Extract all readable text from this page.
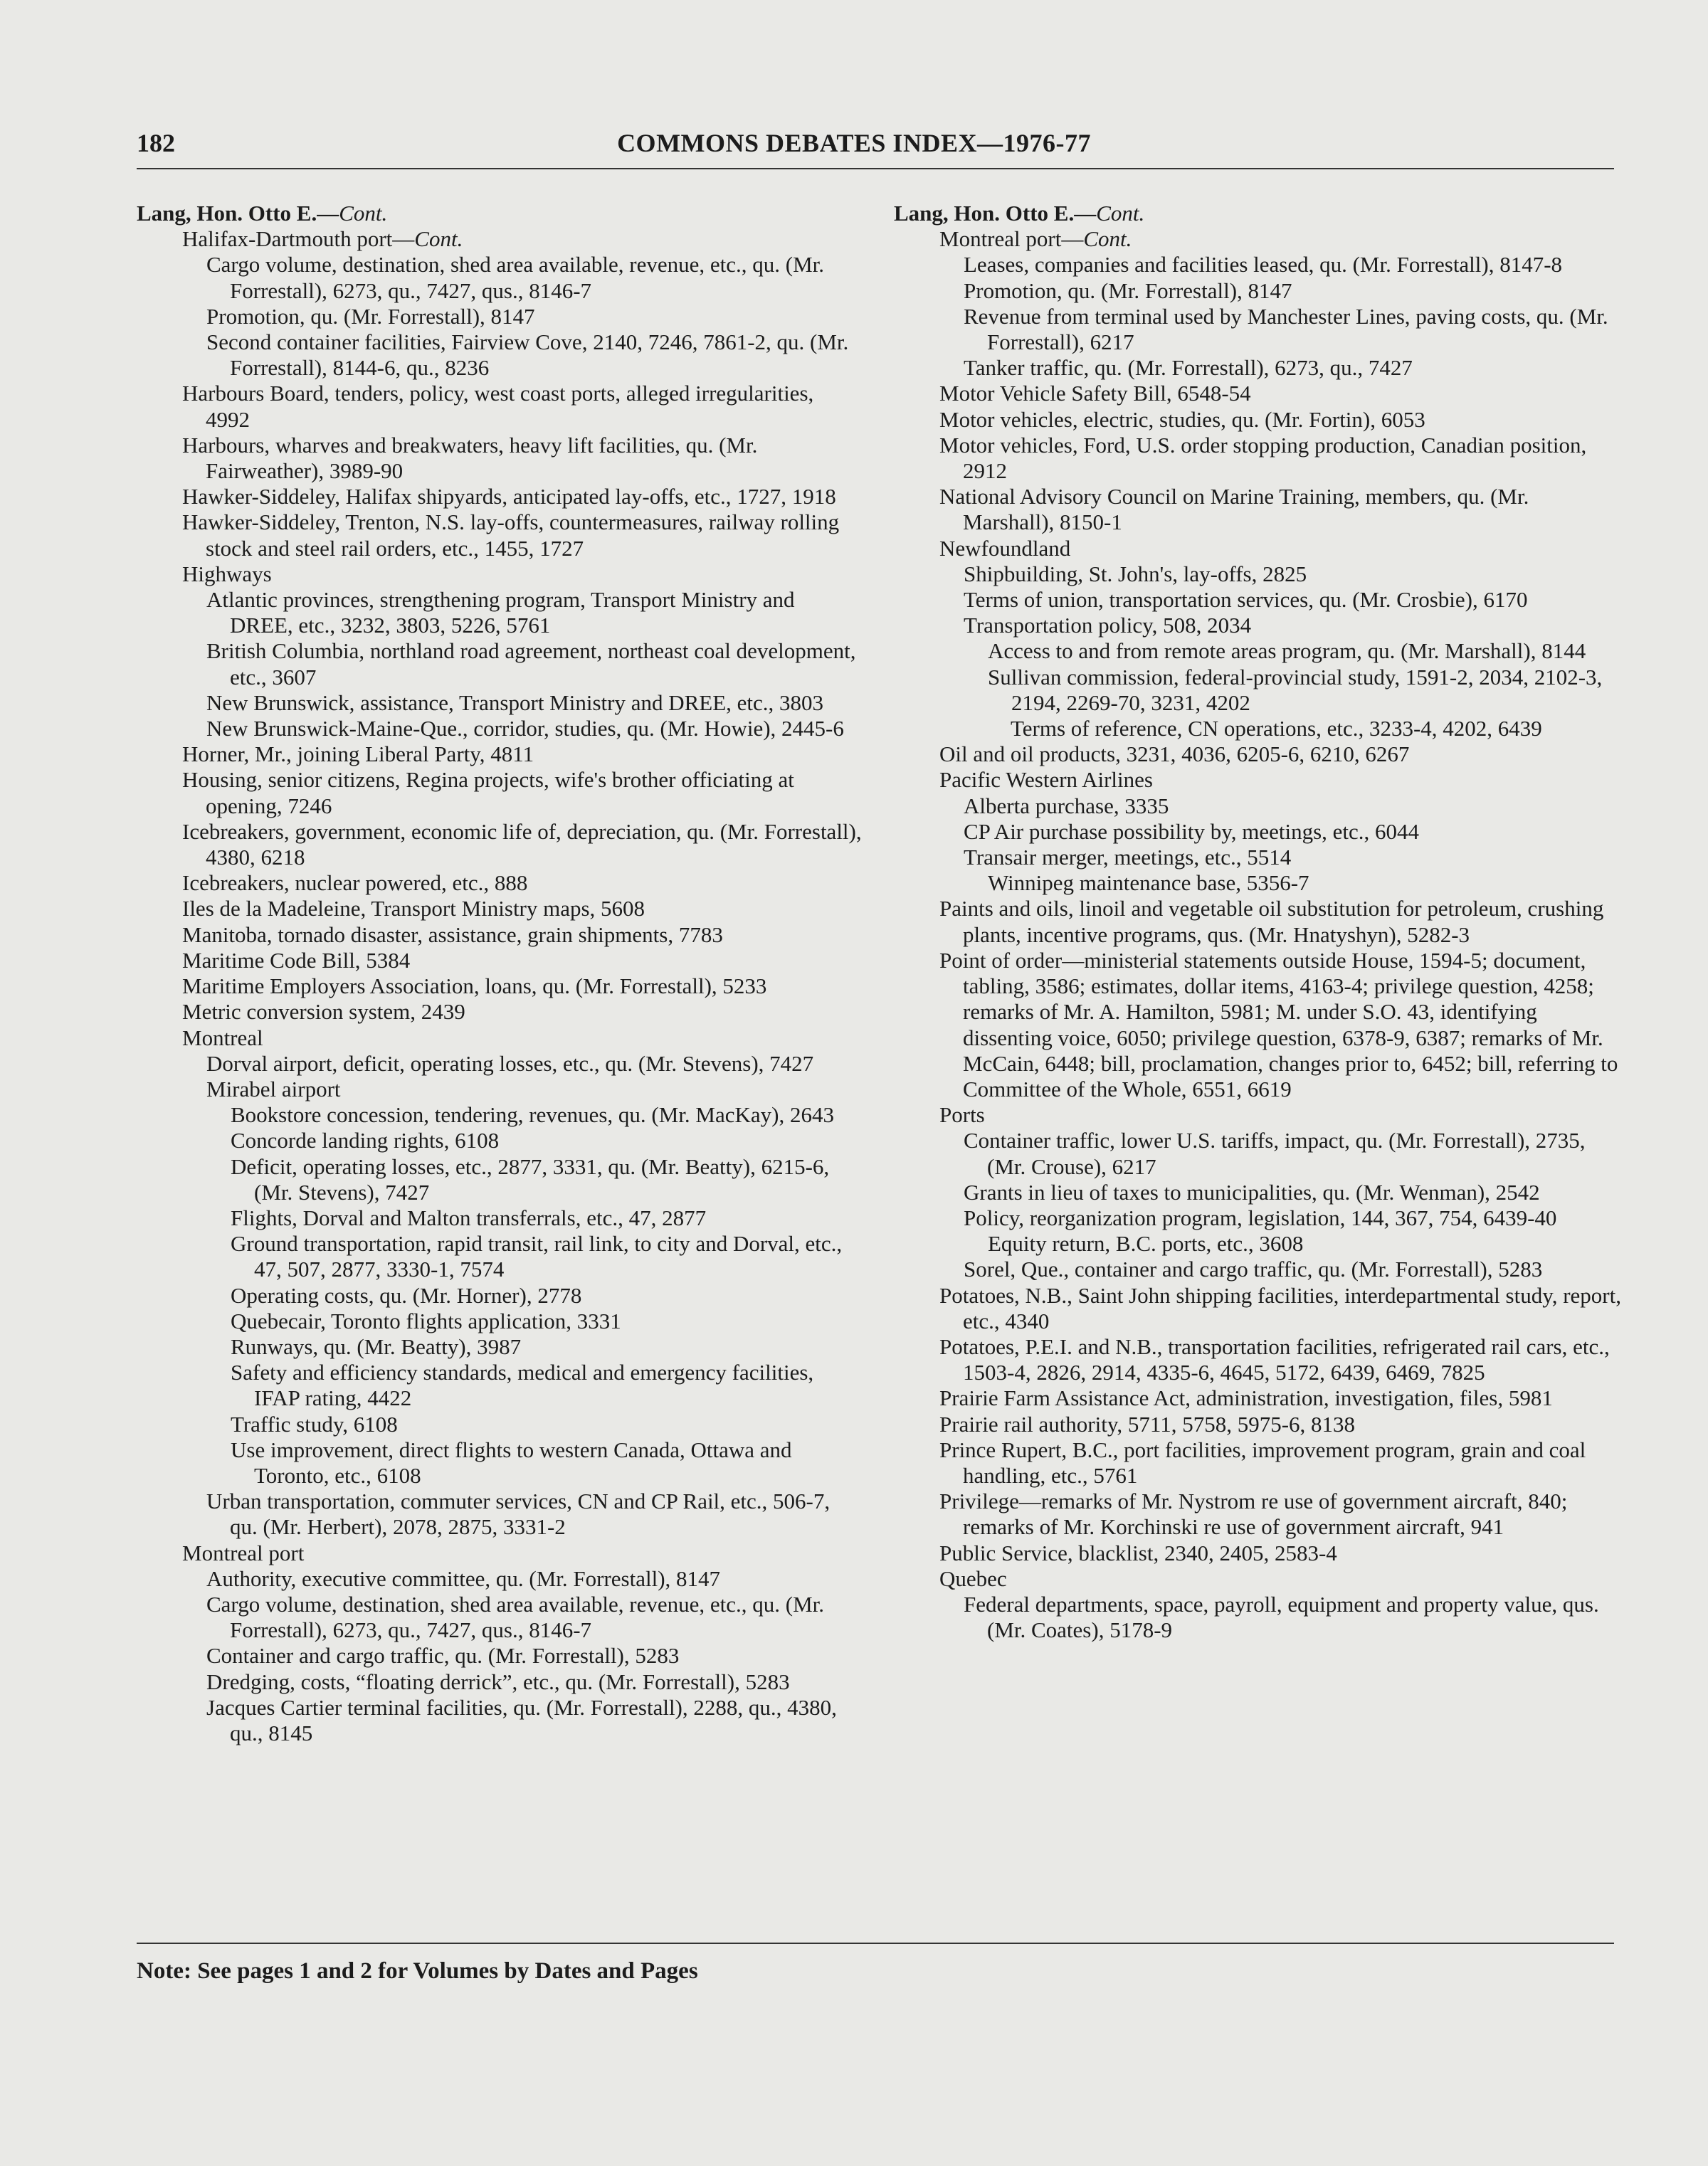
182	COMMONS DEBATES INDEX—1976-77

Lang, Hon. Otto E.—Cont.

Halifax-Dartmouth port—Cont.

Cargo volume, destination, shed area available, revenue, etc., qu. (Mr. Forrestall), 6273, qu., 7427, qus., 8146-7

Promotion, qu. (Mr. Forrestall), 8147

Second container facilities, Fairview Cove, 2140, 7246, 7861-2, qu. (Mr. Forrestall), 8144-6, qu., 8236

Harbours Board, tenders, policy, west coast ports, alleged irregularities, 4992

Harbours, wharves and breakwaters, heavy lift facilities, qu. (Mr. Fairweather), 3989-90

Hawker-Siddeley, Halifax shipyards, anticipated lay-offs, etc., 1727, 1918

Hawker-Siddeley, Trenton, N.S. lay-offs, countermeasures, railway rolling stock and steel rail orders, etc., 1455, 1727

Highways

Atlantic provinces, strengthening program, Transport Ministry and DREE, etc., 3232, 3803, 5226, 5761

British Columbia, northland road agreement, northeast coal development, etc., 3607

New Brunswick, assistance, Transport Ministry and DREE, etc., 3803

New Brunswick-Maine-Que., corridor, studies, qu. (Mr. Howie), 2445-6

Horner, Mr., joining Liberal Party, 4811

Housing, senior citizens, Regina projects, wife's brother officiating at opening, 7246

Icebreakers, government, economic life of, depreciation, qu. (Mr. Forrestall), 4380, 6218

Icebreakers, nuclear powered, etc., 888

Iles de la Madeleine, Transport Ministry maps, 5608

Manitoba, tornado disaster, assistance, grain shipments, 7783

Maritime Code Bill, 5384

Maritime Employers Association, loans, qu. (Mr. Forrestall), 5233

Metric conversion system, 2439

Montreal

Dorval airport, deficit, operating losses, etc., qu. (Mr. Stevens), 7427

Mirabel airport

Bookstore concession, tendering, revenues, qu. (Mr. MacKay), 2643

Concorde landing rights, 6108

Deficit, operating losses, etc., 2877, 3331, qu. (Mr. Beatty), 6215-6, (Mr. Stevens), 7427

Flights, Dorval and Malton transferrals, etc., 47, 2877

Ground transportation, rapid transit, rail link, to city and Dorval, etc., 47, 507, 2877, 3330-1, 7574

Operating costs, qu. (Mr. Horner), 2778

Quebecair, Toronto flights application, 3331

Runways, qu. (Mr. Beatty), 3987

Safety and efficiency standards, medical and emergency facilities, IFAP rating, 4422

Traffic study, 6108

Use improvement, direct flights to western Canada, Ottawa and Toronto, etc., 6108

Urban transportation, commuter services, CN and CP Rail, etc., 506-7, qu. (Mr. Herbert), 2078, 2875, 3331-2

Montreal port

Authority, executive committee, qu. (Mr. Forrestall), 8147

Cargo volume, destination, shed area available, revenue, etc., qu. (Mr. Forrestall), 6273, qu., 7427, qus., 8146-7

Container and cargo traffic, qu. (Mr. Forrestall), 5283

Dredging, costs, “floating derrick”, etc., qu. (Mr. Forrestall), 5283

Jacques Cartier terminal facilities, qu. (Mr. Forrestall), 2288, qu., 4380, qu., 8145

Lang, Hon. Otto E.—Cont.

Montreal port—Cont.

Leases, companies and facilities leased, qu. (Mr. Forrestall), 8147-8

Promotion, qu. (Mr. Forrestall), 8147

Revenue from terminal used by Manchester Lines, paving costs, qu. (Mr. Forrestall), 6217

Tanker traffic, qu. (Mr. Forrestall), 6273, qu., 7427

Motor Vehicle Safety Bill, 6548-54

Motor vehicles, electric, studies, qu. (Mr. Fortin), 6053

Motor vehicles, Ford, U.S. order stopping production, Canadian position, 2912

National Advisory Council on Marine Training, members, qu. (Mr. Marshall), 8150-1

Newfoundland

Shipbuilding, St. John's, lay-offs, 2825

Terms of union, transportation services, qu. (Mr. Crosbie), 6170

Transportation policy, 508, 2034

Access to and from remote areas program, qu. (Mr. Marshall), 8144

Sullivan commission, federal-provincial study, 1591-2, 2034, 2102-3, 2194, 2269-70, 3231, 4202

Terms of reference, CN operations, etc., 3233-4, 4202, 6439

Oil and oil products, 3231, 4036, 6205-6, 6210, 6267

Pacific Western Airlines

Alberta purchase, 3335

CP Air purchase possibility by, meetings, etc., 6044

Transair merger, meetings, etc., 5514

Winnipeg maintenance base, 5356-7

Paints and oils, linoil and vegetable oil substitution for petroleum, crushing plants, incentive programs, qus. (Mr. Hnatyshyn), 5282-3

Point of order—ministerial statements outside House, 1594-5; document, tabling, 3586; estimates, dollar items, 4163-4; privilege question, 4258; remarks of Mr. A. Hamilton, 5981; M. under S.O. 43, identifying dissenting voice, 6050; privilege question, 6378-9, 6387; remarks of Mr. McCain, 6448; bill, proclamation, changes prior to, 6452; bill, referring to Committee of the Whole, 6551, 6619

Ports

Container traffic, lower U.S. tariffs, impact, qu. (Mr. Forrestall), 2735, (Mr. Crouse), 6217

Grants in lieu of taxes to municipalities, qu. (Mr. Wenman), 2542

Policy, reorganization program, legislation, 144, 367, 754, 6439-40

Equity return, B.C. ports, etc., 3608

Sorel, Que., container and cargo traffic, qu. (Mr. Forrestall), 5283

Potatoes, N.B., Saint John shipping facilities, interdepartmental study, report, etc., 4340

Potatoes, P.E.I. and N.B., transportation facilities, refrigerated rail cars, etc., 1503-4, 2826, 2914, 4335-6, 4645, 5172, 6439, 6469, 7825

Prairie Farm Assistance Act, administration, investigation, files, 5981

Prairie rail authority, 5711, 5758, 5975-6, 8138

Prince Rupert, B.C., port facilities, improvement program, grain and coal handling, etc., 5761

Privilege—remarks of Mr. Nystrom re use of government aircraft, 840; remarks of Mr. Korchinski re use of government aircraft, 941

Public Service, blacklist, 2340, 2405, 2583-4

Quebec

Federal departments, space, payroll, equipment and property value, qus. (Mr. Coates), 5178-9

Note: See pages 1 and 2 for Volumes by Dates and Pages
